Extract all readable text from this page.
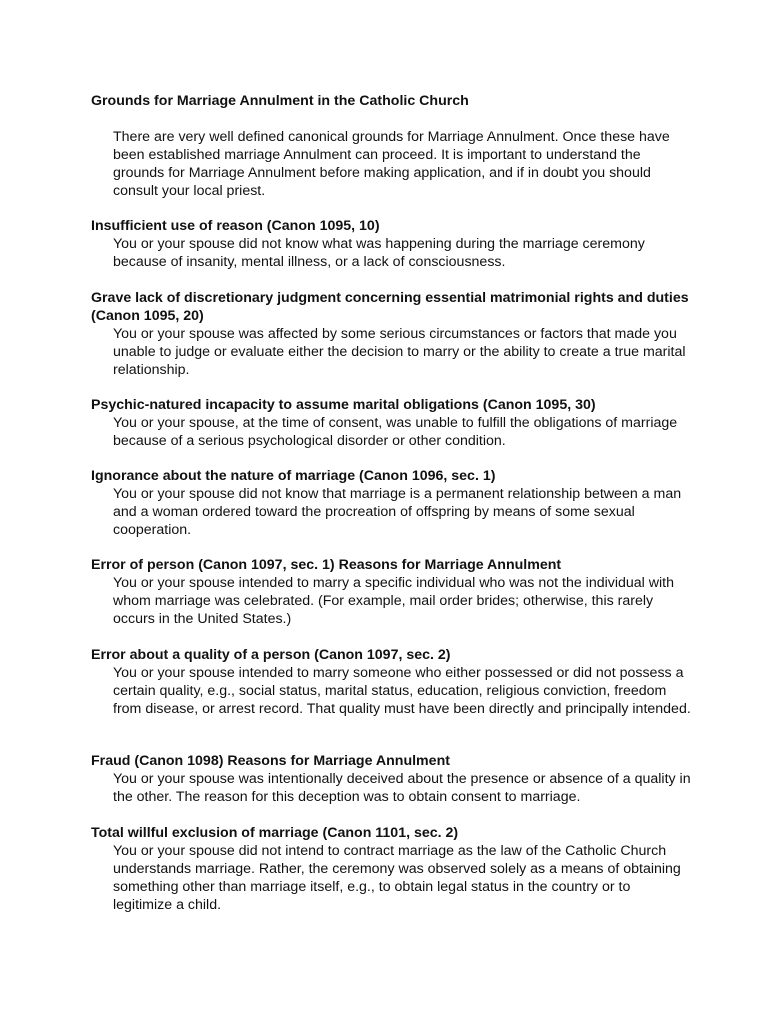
Grounds for Marriage Annulment in the Catholic Church

There are very well defined canonical grounds for Marriage Annulment. Once these have been established marriage Annulment can proceed. It is important to understand the grounds for Marriage Annulment before making application, and if in doubt you should consult your local priest.

Insufficient use of reason (Canon 1095, 10)

You or your spouse did not know what was happening during the marriage ceremony because of insanity, mental illness, or a lack of consciousness.

Grave lack of discretionary judgment concerning essential matrimonial rights and duties (Canon 1095, 20)

You or your spouse was affected by some serious circumstances or factors that made you unable to judge or evaluate either the decision to marry or the ability to create a true marital relationship.

Psychic-natured incapacity to assume marital obligations (Canon 1095, 30)

You or your spouse, at the time of consent, was unable to fulfill the obligations of marriage because of a serious psychological disorder or other condition.

Ignorance about the nature of marriage (Canon 1096, sec. 1)

You or your spouse did not know that marriage is a permanent relationship between a man and a woman ordered toward the procreation of offspring by means of some sexual cooperation.

Error of person (Canon 1097, sec. 1) Reasons for Marriage Annulment

You or your spouse intended to marry a specific individual who was not the individual with whom marriage was celebrated. (For example, mail order brides; otherwise, this rarely occurs in the United States.)

Error about a quality of a person (Canon 1097, sec. 2)

You or your spouse intended to marry someone who either possessed or did not possess a certain quality, e.g., social status, marital status, education, religious conviction, freedom from disease, or arrest record. That quality must have been directly and principally intended.

Fraud (Canon 1098) Reasons for Marriage Annulment

You or your spouse was intentionally deceived about the presence or absence of a quality in the other. The reason for this deception was to obtain consent to marriage.

Total willful exclusion of marriage (Canon 1101, sec. 2)

You or your spouse did not intend to contract marriage as the law of the Catholic Church understands marriage. Rather, the ceremony was observed solely as a means of obtaining something other than marriage itself, e.g., to obtain legal status in the country or to legitimize a child.
